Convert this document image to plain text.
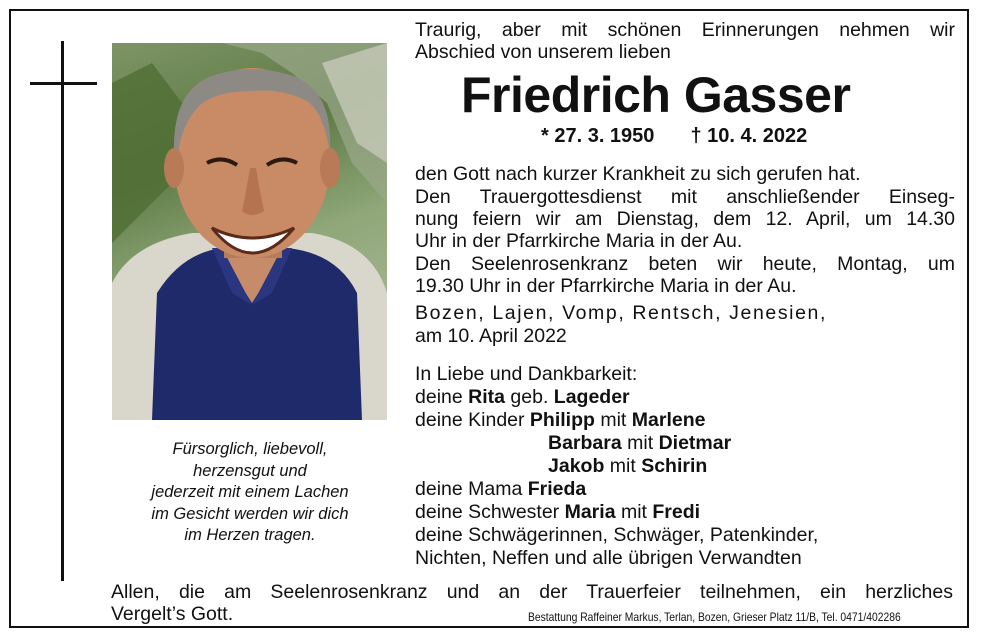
Fürsorglich, liebevoll,
herzensgut und
jederzeit mit einem Lachen
im Gesicht werden wir dich
im Herzen tragen.
Traurig, aber mit schönen Erinnerungen nehmen wir
Abschied von unserem lieben
Friedrich Gasser
* 27. 3. 1950 † 10. 4. 2022
den Gott nach kurzer Krankheit zu sich gerufen hat.
Den Trauergottesdienst mit anschließender Einseg-
nung feiern wir am Dienstag, dem 12. April, um 14.30
Uhr in der Pfarrkirche Maria in der Au.
Den Seelenrosenkranz beten wir heute, Montag, um
19.30 Uhr in der Pfarrkirche Maria in der Au.
Bozen, Lajen, Vomp, Rentsch, Jenesien,
am 10. April 2022
In Liebe und Dankbarkeit:
deine Rita geb. Lageder
deine Kinder Philipp mit Marlene
Barbara mit Dietmar
Jakob mit Schirin
deine Mama Frieda
deine Schwester Maria mit Fredi
deine Schwägerinnen, Schwäger, Patenkinder,
Nichten, Neffen und alle übrigen Verwandten
Allen, die am Seelenrosenkranz und an der Trauerfeier teilnehmen, ein herzliches
Vergelt’s Gott.	Bestattung Raffeiner Markus, Terlan, Bozen, Grieser Platz 11/B, Tel. 0471/402286
